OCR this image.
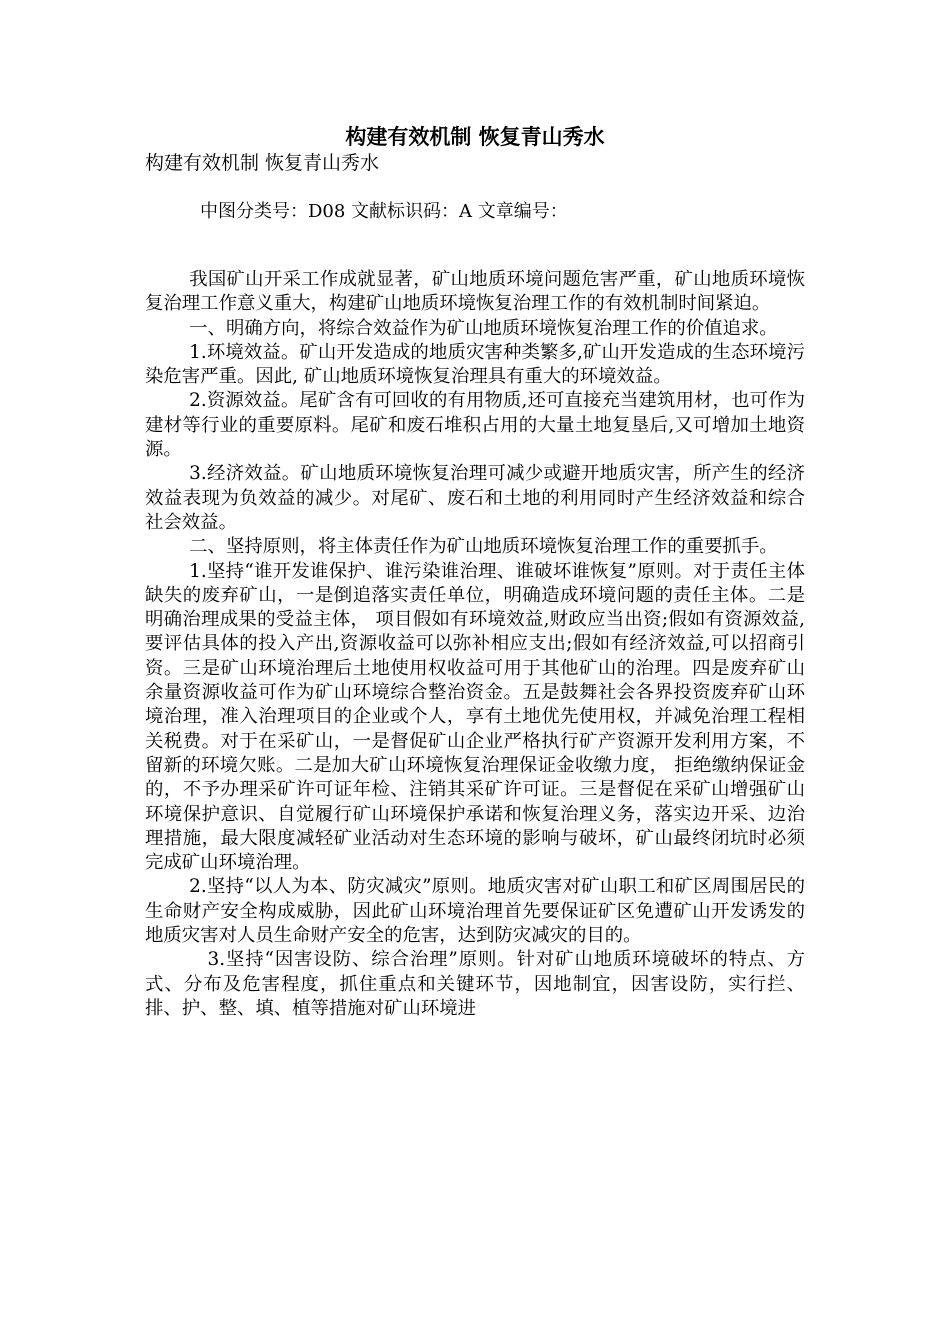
构建有效机制 恢复青山秀水
构建有效机制 恢复青山秀水
中图分类号：D08 文献标识码：A 文章编号：

我国矿山开采工作成就显著，矿山地质环境问题危害严重，矿山地质环境恢复治理工作意义重大，构建矿山地质环境恢复治理工作的有效机制时间紧迫。

一、明确方向，将综合效益作为矿山地质环境恢复治理工作的价值追求。

1.环境效益。矿山开发造成的地质灾害种类繁多,矿山开发造成的生态环境污染危害严重。因此, 矿山地质环境恢复治理具有重大的环境效益。

2.资源效益。尾矿含有可回收的有用物质,还可直接充当建筑用材，也可作为建材等行业的重要原料。尾矿和废石堆积占用的大量土地复垦后,又可增加土地资源。

3.经济效益。矿山地质环境恢复治理可减少或避开地质灾害，所产生的经济效益表现为负效益的减少。对尾矿、废石和土地的利用同时产生经济效益和综合社会效益。

二、坚持原则，将主体责任作为矿山地质环境恢复治理工作的重要抓手。

1.坚持“谁开发谁保护、谁污染谁治理、谁破坏谁恢复”原则。对于责任主体缺失的废弃矿山，一是倒追落实责任单位，明确造成环境问题的责任主体。二是明确治理成果的受益主体， 项目假如有环境效益,财政应当出资;假如有资源效益,要评估具体的投入产出,资源收益可以弥补相应支出;假如有经济效益,可以招商引资。三是矿山环境治理后土地使用权收益可用于其他矿山的治理。四是废弃矿山余量资源收益可作为矿山环境综合整治资金。五是鼓舞社会各界投资废弃矿山环境治理，准入治理项目的企业或个人，享有土地优先使用权，并减免治理工程相关税费。对于在采矿山，一是督促矿山企业严格执行矿产资源开发利用方案，不留新的环境欠账。二是加大矿山环境恢复治理保证金收缴力度， 拒绝缴纳保证金的，不予办理采矿许可证年检、注销其采矿许可证。三是督促在采矿山增强矿山环境保护意识、自觉履行矿山环境保护承诺和恢复治理义务，落实边开采、边治理措施，最大限度减轻矿业活动对生态环境的影响与破坏，矿山最终闭坑时必须完成矿山环境治理。

2.坚持“以人为本、防灾减灾”原则。地质灾害对矿山职工和矿区周围居民的生命财产安全构成威胁，因此矿山环境治理首先要保证矿区免遭矿山开发诱发的地质灾害对人员生命财产安全的危害，达到防灾减灾的目的。

3.坚持“因害设防、综合治理”原则。针对矿山地质环境破坏的特点、方式、分布及危害程度，抓住重点和关键环节，因地制宜，因害设防，实行拦、排、护、整、填、植等措施对矿山环境进
